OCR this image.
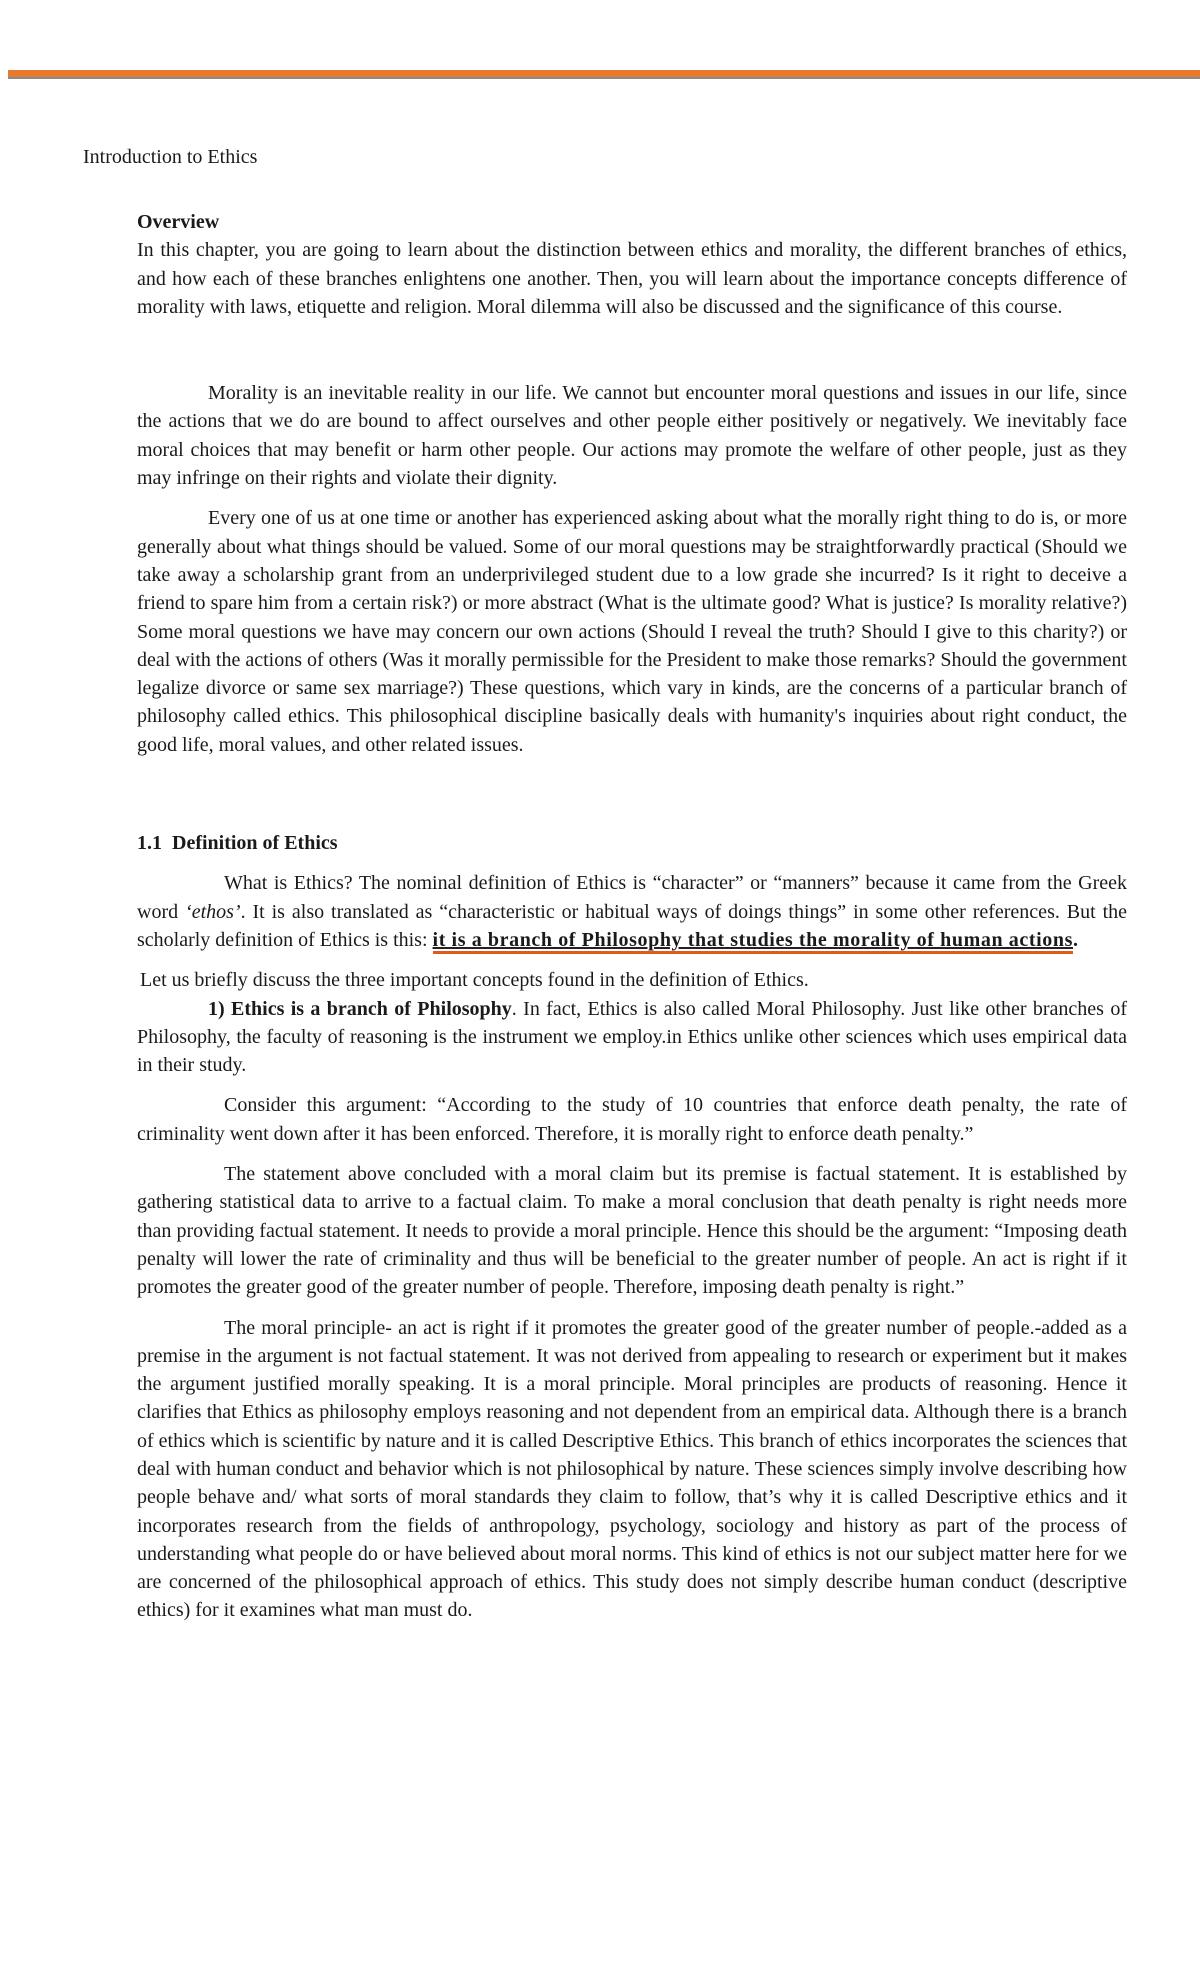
Introduction to Ethics

Overview

In this chapter, you are going to learn about the distinction between ethics and morality, the different branches of ethics, and how each of these branches enlightens one another. Then, you will learn about the importance concepts difference of morality with laws, etiquette and religion. Moral dilemma will also be discussed and the significance of this course.

Morality is an inevitable reality in our life. We cannot but encounter moral questions and issues in our life, since the actions that we do are bound to affect ourselves and other people either positively or negatively. We inevitably face moral choices that may benefit or harm other people. Our actions may promote the welfare of other people, just as they may infringe on their rights and violate their dignity.

Every one of us at one time or another has experienced asking about what the morally right thing to do is, or more generally about what things should be valued. Some of our moral questions may be straightforwardly practical (Should we take away a scholarship grant from an underprivileged student due to a low grade she incurred? Is it right to deceive a friend to spare him from a certain risk?) or more abstract (What is the ultimate good? What is justice? Is morality relative?) Some moral questions we have may concern our own actions (Should I reveal the truth? Should I give to this charity?) or deal with the actions of others (Was it morally permissible for the President to make those remarks? Should the government legalize divorce or same sex marriage?) These questions, which vary in kinds, are the concerns of a particular branch of philosophy called ethics. This philosophical discipline basically deals with humanity's inquiries about right conduct, the good life, moral values, and other related issues.

1.1 Definition of Ethics

What is Ethics? The nominal definition of Ethics is “character” or “manners” because it came from the Greek word ‘ethos’. It is also translated as “characteristic or habitual ways of doings things” in some other references. But the scholarly definition of Ethics is this: it is a branch of Philosophy that studies the morality of human actions.

Let us briefly discuss the three important concepts found in the definition of Ethics.

1) Ethics is a branch of Philosophy. In fact, Ethics is also called Moral Philosophy. Just like other branches of Philosophy, the faculty of reasoning is the instrument we employ.in Ethics unlike other sciences which uses empirical data in their study.

Consider this argument: “According to the study of 10 countries that enforce death penalty, the rate of criminality went down after it has been enforced. Therefore, it is morally right to enforce death penalty.”

The statement above concluded with a moral claim but its premise is factual statement. It is established by gathering statistical data to arrive to a factual claim. To make a moral conclusion that death penalty is right needs more than providing factual statement. It needs to provide a moral principle. Hence this should be the argument: “Imposing death penalty will lower the rate of criminality and thus will be beneficial to the greater number of people. An act is right if it promotes the greater good of the greater number of people. Therefore, imposing death penalty is right.”

The moral principle- an act is right if it promotes the greater good of the greater number of people.-added as a premise in the argument is not factual statement. It was not derived from appealing to research or experiment but it makes the argument justified morally speaking. It is a moral principle. Moral principles are products of reasoning. Hence it clarifies that Ethics as philosophy employs reasoning and not dependent from an empirical data. Although there is a branch of ethics which is scientific by nature and it is called Descriptive Ethics. This branch of ethics incorporates the sciences that deal with human conduct and behavior which is not philosophical by nature. These sciences simply involve describing how people behave and/ what sorts of moral standards they claim to follow, that’s why it is called Descriptive ethics and it incorporates research from the fields of anthropology, psychology, sociology and history as part of the process of understanding what people do or have believed about moral norms. This kind of ethics is not our subject matter here for we are concerned of the philosophical approach of ethics. This study does not simply describe human conduct (descriptive ethics) for it examines what man must do.
